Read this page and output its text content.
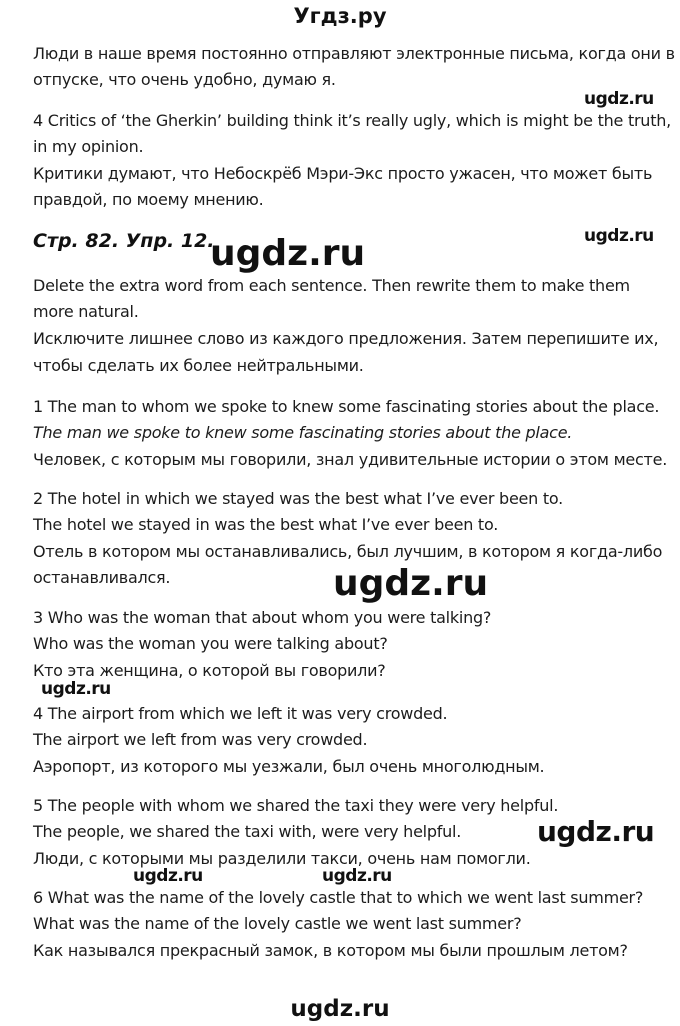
Угдз.ру
Люди в наше время постоянно отправляют электронные письма, когда они в
отпуске, что очень удобно, думаю я.
4 Critics of ‘the Gherkin’ building think it’s really ugly, which is might be the truth,
in my opinion.
Критики думают, что Небоскрёб Мэри-Экс просто ужасен, что может быть
правдой, по моему мнению.
Стр. 82. Упр. 12.
Delete the extra word from each sentence. Then rewrite them to make them
more natural.
Исключите лишнее слово из каждого предложения. Затем перепишите их,
чтобы сделать их более нейтральными.
1 The man to whom we spoke to knew some fascinating stories about the place.
The man we spoke to knew some fascinating stories about the place.
Человек, с которым мы говорили, знал удивительные истории о этом месте.
2 The hotel in which we stayed was the best what I’ve ever been to.
The hotel we stayed in was the best what I’ve ever been to.
Отель в котором мы останавливались, был лучшим, в котором я когда-либо
останавливался.
3 Who was the woman that about whom you were talking?
Who was the woman you were talking about?
Кто эта женщина, о которой вы говорили?
4 The airport from which we left it was very crowded.
The airport we left from was very crowded.
Аэропорт, из которого мы уезжали, был очень многолюдным.
5 The people with whom we shared the taxi they were very helpful.
The people, we shared the taxi with, were very helpful.
Люди, с которыми мы разделили такси, очень нам помогли.
6 What was the name of the lovely castle that to which we went last summer?
What was the name of the lovely castle we went last summer?
Как назывался прекрасный замок, в котором мы были прошлым летом?
ugdz.ru
ugdz.ru
ugdz.ru
ugdz.ru
ugdz.ru
ugdz.ru
ugdz.ru	ugdz.ru
ugdz.ru
